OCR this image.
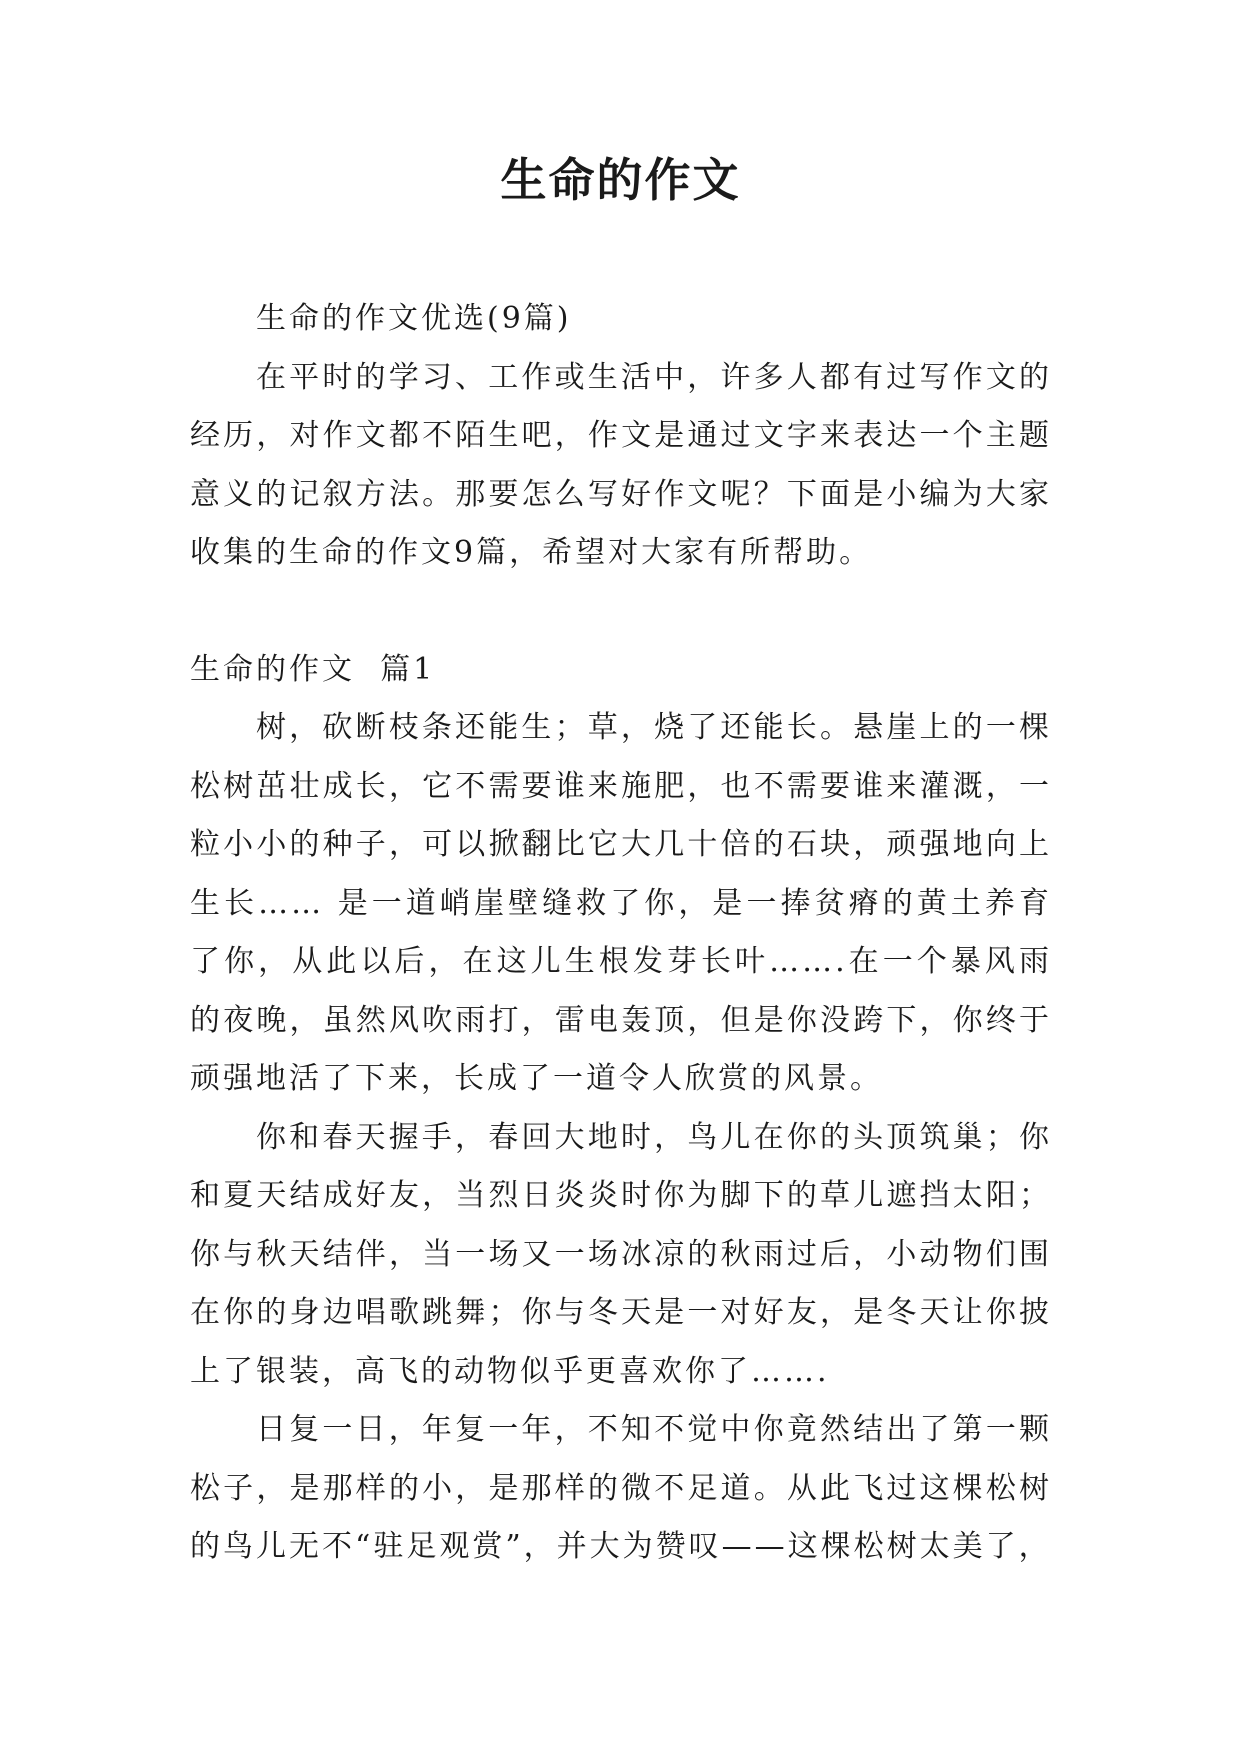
生命的作文

生命的作文优选(9篇)

在平时的学习、工作或生活中，许多人都有过写作文的经历，对作文都不陌生吧，作文是通过文字来表达一个主题意义的记叙方法。那要怎么写好作文呢？下面是小编为大家收集的生命的作文9篇，希望对大家有所帮助。

生命的作文  篇1

树，砍断枝条还能生；草，烧了还能长。悬崖上的一棵松树茁壮成长，它不需要谁来施肥，也不需要谁来灌溉，一粒小小的种子，可以掀翻比它大几十倍的石块，顽强地向上生长…… 是一道峭崖壁缝救了你，是一捧贫瘠的黄土养育了你，从此以后，在这儿生根发芽长叶…….在一个暴风雨的夜晚，虽然风吹雨打，雷电轰顶，但是你没跨下，你终于顽强地活了下来，长成了一道令人欣赏的风景。

你和春天握手，春回大地时，鸟儿在你的头顶筑巢；你和夏天结成好友，当烈日炎炎时你为脚下的草儿遮挡太阳；你与秋天结伴，当一场又一场冰凉的秋雨过后，小动物们围在你的身边唱歌跳舞；你与冬天是一对好友，是冬天让你披上了银装，高飞的动物似乎更喜欢你了…….

日复一日，年复一年，不知不觉中你竟然结出了第一颗松子，是那样的小，是那样的微不足道。从此飞过这棵松树的鸟儿无不“驻足观赏”，并大为赞叹——这棵松树太美了，
